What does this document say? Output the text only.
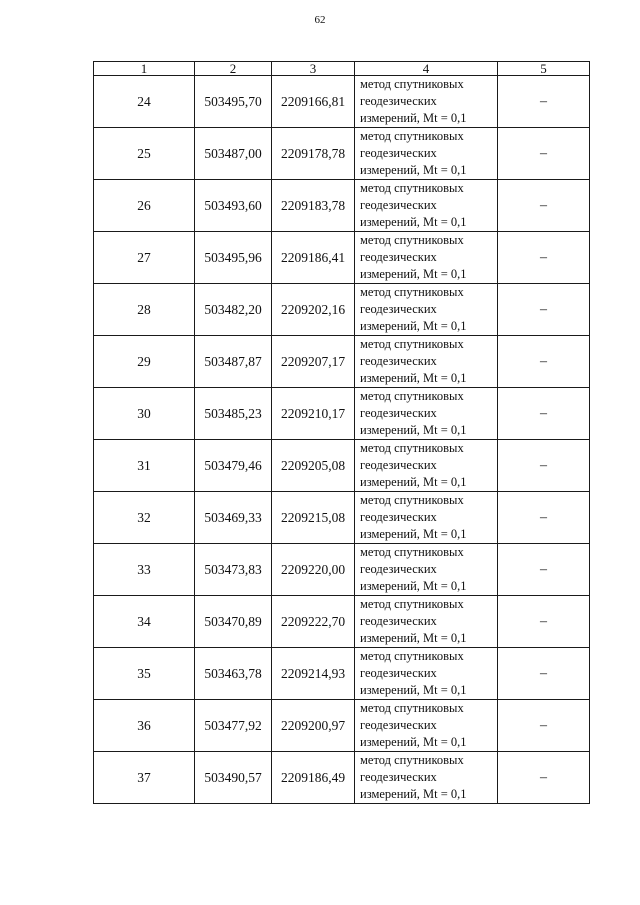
62
1	2	3	4	5
24	503495,70	2209166,81	метод спутниковых
геодезических
измерений, Mt = 0,1	–
25	503487,00	2209178,78	метод спутниковых
геодезических
измерений, Mt = 0,1	–
26	503493,60	2209183,78	метод спутниковых
геодезических
измерений, Mt = 0,1	–
27	503495,96	2209186,41	метод спутниковых
геодезических
измерений, Mt = 0,1	–
28	503482,20	2209202,16	метод спутниковых
геодезических
измерений, Mt = 0,1	–
29	503487,87	2209207,17	метод спутниковых
геодезических
измерений, Mt = 0,1	–
30	503485,23	2209210,17	метод спутниковых
геодезических
измерений, Mt = 0,1	–
31	503479,46	2209205,08	метод спутниковых
геодезических
измерений, Mt = 0,1	–
32	503469,33	2209215,08	метод спутниковых
геодезических
измерений, Mt = 0,1	–
33	503473,83	2209220,00	метод спутниковых
геодезических
измерений, Mt = 0,1	–
34	503470,89	2209222,70	метод спутниковых
геодезических
измерений, Mt = 0,1	–
35	503463,78	2209214,93	метод спутниковых
геодезических
измерений, Mt = 0,1	–
36	503477,92	2209200,97	метод спутниковых
геодезических
измерений, Mt = 0,1	–
37	503490,57	2209186,49	метод спутниковых
геодезических
измерений, Mt = 0,1	–
